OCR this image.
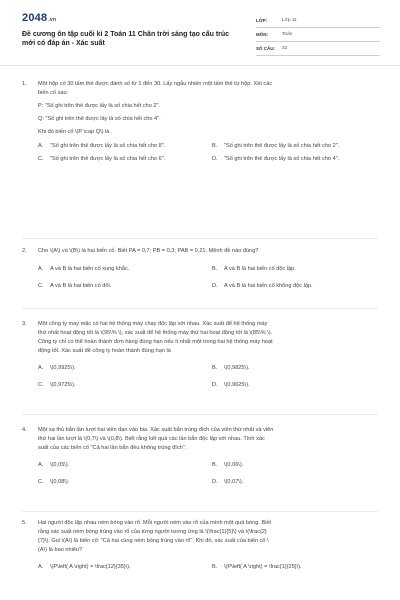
2048.vn
Đề cương ôn tập cuối kì 2 Toán 11 Chân trời sáng tạo cấu trúc mới có đáp án - Xác suất
LỚP:	Lớp 11
MÔN:	Toán
SỐ CÂU:	32
1.	Một hộp có 30 tấm thẻ được đánh số từ 1 đến 30. Lấy ngẫu nhiên một tấm thẻ từ hộp. Xét các
biến cố sau:
P: "Số ghi trên thẻ được lấy là số chia hết cho 2".
Q: "Số ghi trên thẻ được lấy là số chia hết cho 4".
Khi đó biến cố \(P \cap Q\) là
A.	"Số ghi trên thẻ được lấy là số chia hết cho 8".	B.	"Số ghi trên thẻ được lấy là số chia hết cho 2".
C.	"Số ghi trên thẻ được lấy là số chia hết cho 6".	D.	"Số ghi trên thẻ được lấy là số chia hết cho 4".
2.	Cho \(A\) và \(B\) là hai biến cố. Biết PA = 0,7; PB = 0,3; PAB = 0,21. Mệnh đề nào đúng?
A.	A và B là hai biến cố xung khắc.	B.	A và B là hai biến cố độc lập.
C.	A và B là hai biến cố đối.	D.	A và B là hai biến cố không độc lập.
3.	Một công ty may mặc có hai hệ thống máy chạy độc lập với nhau. Xác suất để hệ thống máy
thứ nhất hoạt động tốt là \(95\% \), xác suất để hệ thống máy thứ hai hoạt động tốt là \(85\% \).
Công ty chỉ có thể hoàn thành đơn hàng đúng hạn nếu ít nhất một trong hai hệ thống máy hoạt
động tốt. Xác suất để công ty hoàn thành đúng hạn là
A.	\(0,9925\).	B.	\(0,9825\).
C.	\(0,9725\).	D.	\(0,9625\).
4.	Một xạ thủ bắn lần lượt hai viên đạn vào bia. Xác suất bắn trúng đích của viên thứ nhất và viên
thứ hai lần lượt là \(0,7\) và \(0,8\). Biết rằng kết quả các lần bắn độc lập với nhau. Tính xác
suất của các biến cố "Cả hai lần bắn đều không trúng đích".
A.	\(0,05\).	B.	\(0,06\).
C.	\(0,08\).	D.	\(0,07\).
5.	Hai người độc lập nhau ném bóng vào rổ. Mỗi người ném vào rổ của mình một quả bóng. Biết
rằng xác suất ném bóng trúng vào rổ của từng người tương ứng là \(\frac{1}{5}\) và \(\frac{2}
{7}\). Gọi \(A\) là biến cố: "Cả hai cùng ném bóng trúng vào rổ". Khi đó, xác suất của biến cố \
(A\) là bao nhiêu?
A.	\(P\left( A \right) = \frac{12}{35}\).	B.	\(P\left( A \right) = \frac{1}{25}\).
